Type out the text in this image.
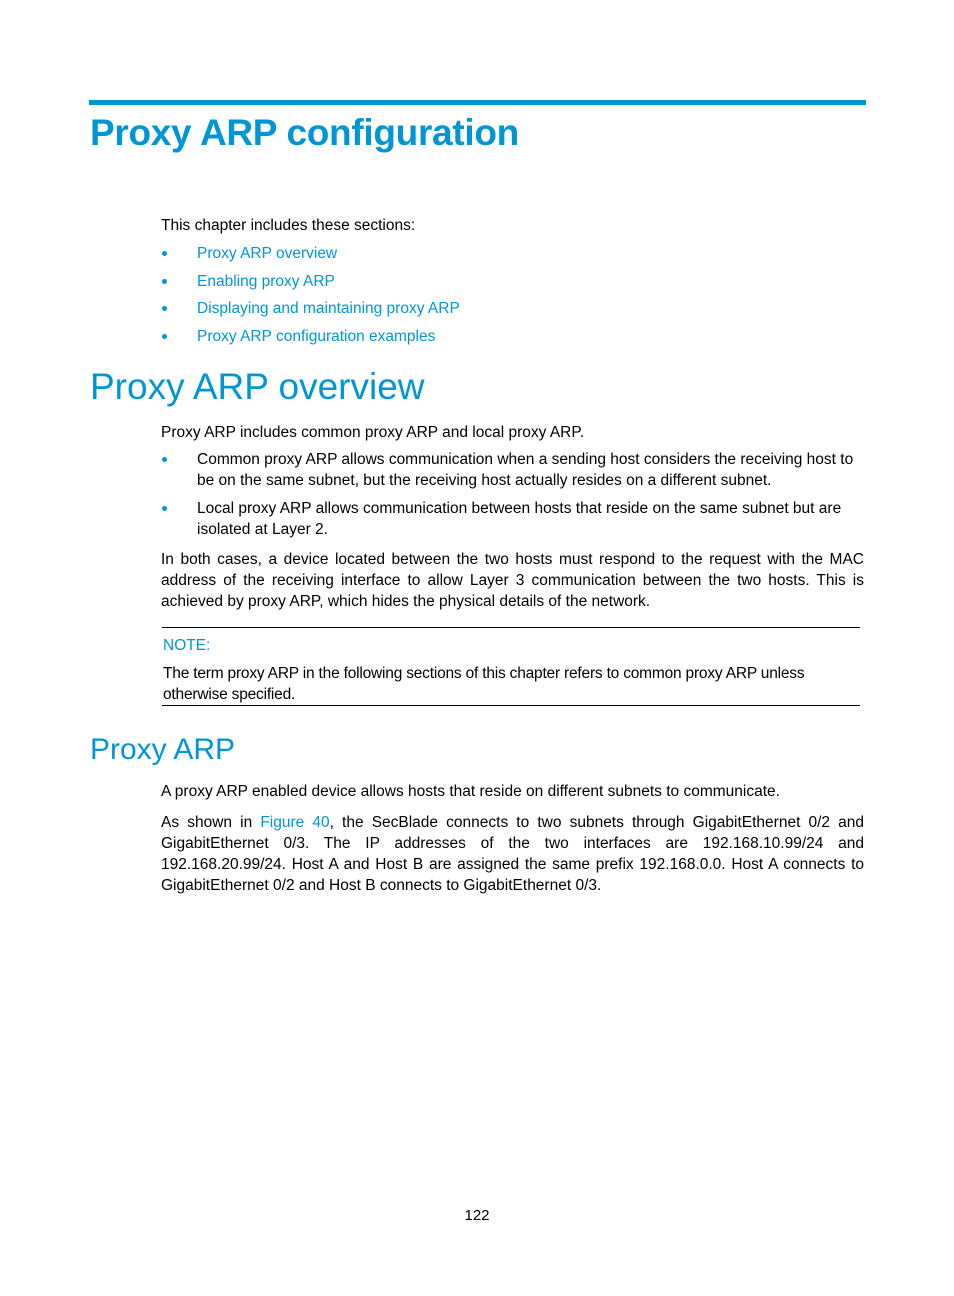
Proxy ARP configuration

This chapter includes these sections:

Proxy ARP overview
Enabling proxy ARP
Displaying and maintaining proxy ARP
Proxy ARP configuration examples
Proxy ARP overview

Proxy ARP includes common proxy ARP and local proxy ARP.

Common proxy ARP allows communication when a sending host considers the receiving host to be on the same subnet, but the receiving host actually resides on a different subnet.

Local proxy ARP allows communication between hosts that reside on the same subnet but are isolated at Layer 2.

In both cases, a device located between the two hosts must respond to the request with the MAC address of the receiving interface to allow Layer 3 communication between the two hosts. This is achieved by proxy ARP, which hides the physical details of the network.

NOTE:

The term proxy ARP in the following sections of this chapter refers to common proxy ARP unless otherwise specified.

Proxy ARP

A proxy ARP enabled device allows hosts that reside on different subnets to communicate.

As shown in Figure 40, the SecBlade connects to two subnets through GigabitEthernet 0/2 and GigabitEthernet 0/3. The IP addresses of the two interfaces are 192.168.10.99/24 and 192.168.20.99/24. Host A and Host B are assigned the same prefix 192.168.0.0. Host A connects to GigabitEthernet 0/2 and Host B connects to GigabitEthernet 0/3.

122
